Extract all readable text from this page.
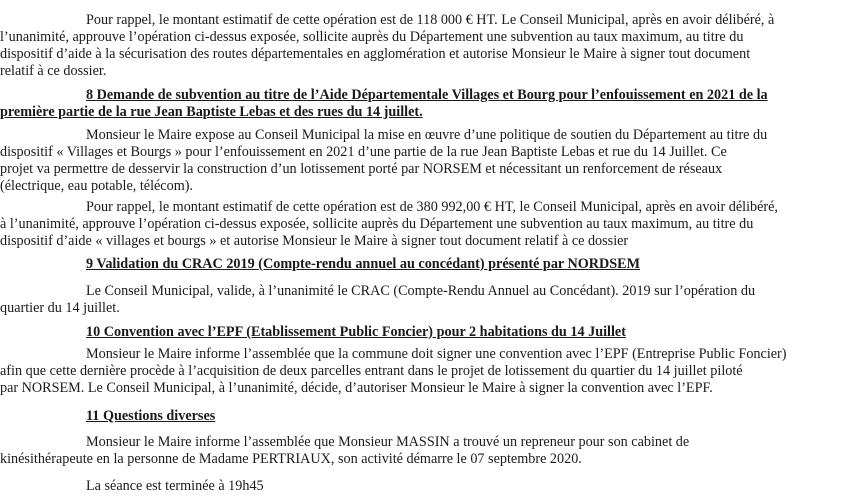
Pour rappel, le montant estimatif de cette opération est de 118 000 € HT. Le Conseil Municipal, après en avoir délibéré, à
l’unanimité, approuve l’opération ci-dessus exposée, sollicite auprès du Département une subvention au taux maximum, au titre du
dispositif d’aide à la sécurisation des routes départementales en agglomération et autorise Monsieur le Maire à signer tout document
relatif à ce dossier.
8 Demande de subvention au titre de l’Aide Départementale Villages et Bourg pour l’enfouissement en 2021 de la
première partie de la rue Jean Baptiste Lebas et des rues du 14 juillet.
Monsieur le Maire expose au Conseil Municipal la mise en œuvre d’une politique de soutien du Département au titre du
dispositif « Villages et Bourgs » pour l’enfouissement en 2021 d’une partie de la rue Jean Baptiste Lebas et rue du 14 Juillet. Ce
projet va permettre de desservir la construction d’un lotissement porté par NORSEM et nécessitant un renforcement de réseaux
(électrique, eau potable, télécom).
Pour rappel, le montant estimatif de cette opération est de 380 992,00 € HT, le Conseil Municipal, après en avoir délibéré,
à l’unanimité, approuve l’opération ci-dessus exposée, sollicite auprès du Département une subvention au taux maximum, au titre du
dispositif d’aide « villages et bourgs » et autorise Monsieur le Maire à signer tout document relatif à ce dossier
9 Validation du CRAC 2019 (Compte-rendu annuel au concédant) présenté par NORDSEM
Le Conseil Municipal, valide, à l’unanimité le CRAC (Compte-Rendu Annuel au Concédant). 2019 sur l’opération du
quartier du 14 juillet.
10 Convention avec l’EPF (Etablissement Public Foncier) pour 2 habitations du 14 Juillet
Monsieur le Maire informe l’assemblée que la commune doit signer une convention avec l’EPF (Entreprise Public Foncier)
afin que cette dernière procède à l’acquisition de deux parcelles entrant dans le projet de lotissement du quartier du 14 juillet piloté
par NORSEM. Le Conseil Municipal, à l’unanimité, décide, d’autoriser Monsieur le Maire à signer la convention avec l’EPF.
11 Questions diverses
Monsieur le Maire informe l’assemblée que Monsieur MASSIN a trouvé un repreneur pour son cabinet de
kinésithérapeute en la personne de Madame PERTRIAUX, son activité démarre le 07 septembre 2020.
La séance est terminée à 19h45
